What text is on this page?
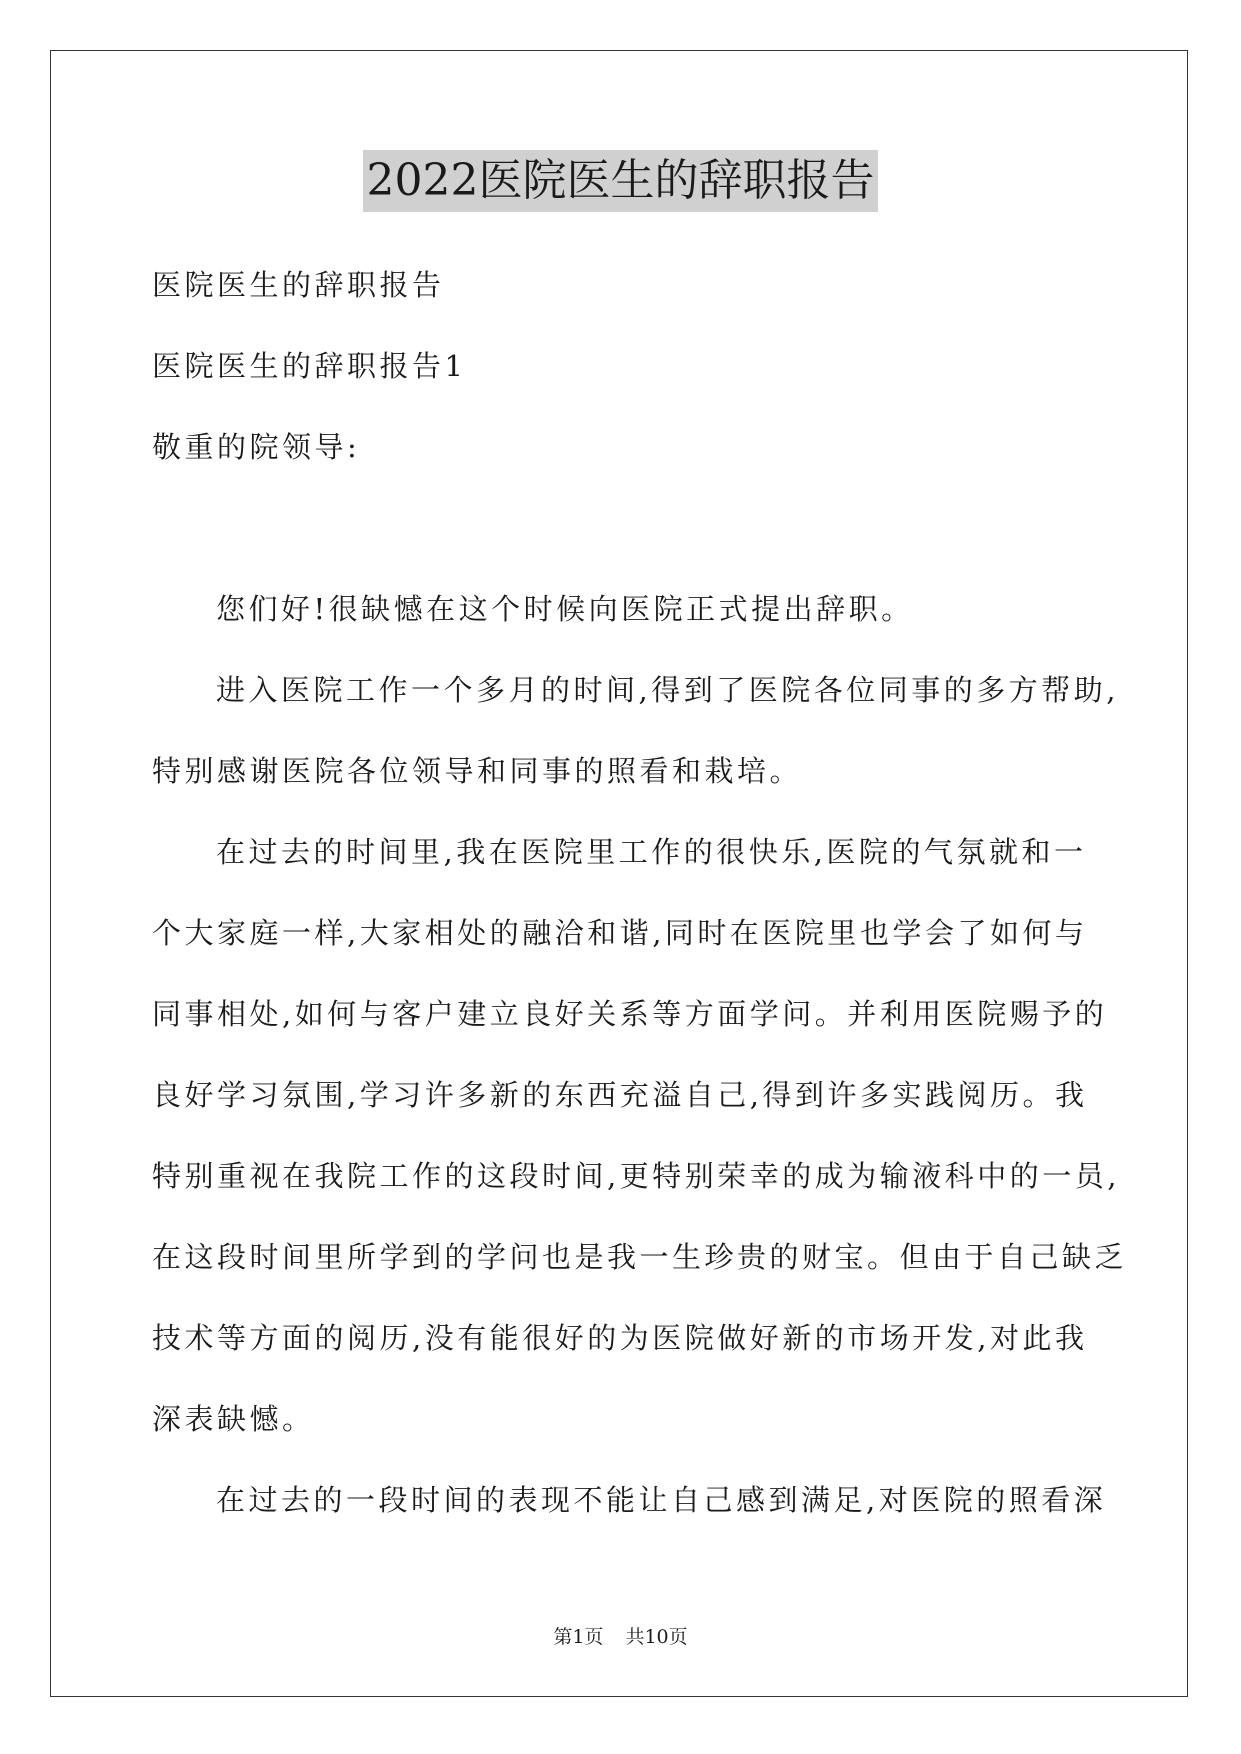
2022医院医生的辞职报告
医院医生的辞职报告
医院医生的辞职报告1
敬重的院领导:
您们好!很缺憾在这个时候向医院正式提出辞职。
进入医院工作一个多月的时间,得到了医院各位同事的多方帮助,
特别感谢医院各位领导和同事的照看和栽培。
在过去的时间里,我在医院里工作的很快乐,医院的气氛就和一
个大家庭一样,大家相处的融洽和谐,同时在医院里也学会了如何与
同事相处,如何与客户建立良好关系等方面学问。并利用医院赐予的
良好学习氛围,学习许多新的东西充溢自己,得到许多实践阅历。我
特别重视在我院工作的这段时间,更特别荣幸的成为输液科中的一员,
在这段时间里所学到的学问也是我一生珍贵的财宝。但由于自己缺乏
技术等方面的阅历,没有能很好的为医院做好新的市场开发,对此我
深表缺憾。
在过去的一段时间的表现不能让自己感到满足,对医院的照看深
第1页 共10页
